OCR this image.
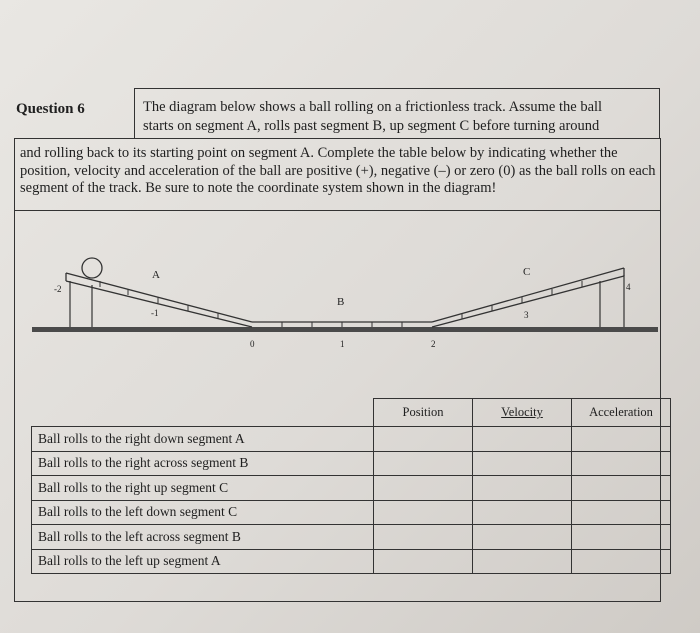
Question 6	The diagram below shows a ball rolling on a frictionless track. Assume the ball
starts on segment A, rolls past segment B, up segment C before turning around
and rolling back to its starting point on segment A. Complete the table below by indicating whether the position, velocity and acceleration of the ball are positive (+), negative (–) or zero (0) as the ball rolls on each segment of the track. Be sure to note the coordinate system shown in the diagram!
A
B
C
-2
-1
0	1	2
3
4
	Position	Velocity	Acceleration
Ball rolls to the right down segment A			
Ball rolls to the right across segment B			
Ball rolls to the right up segment C			
Ball rolls to the left down segment C			
Ball rolls to the left across segment B			
Ball rolls to the left up segment A			
